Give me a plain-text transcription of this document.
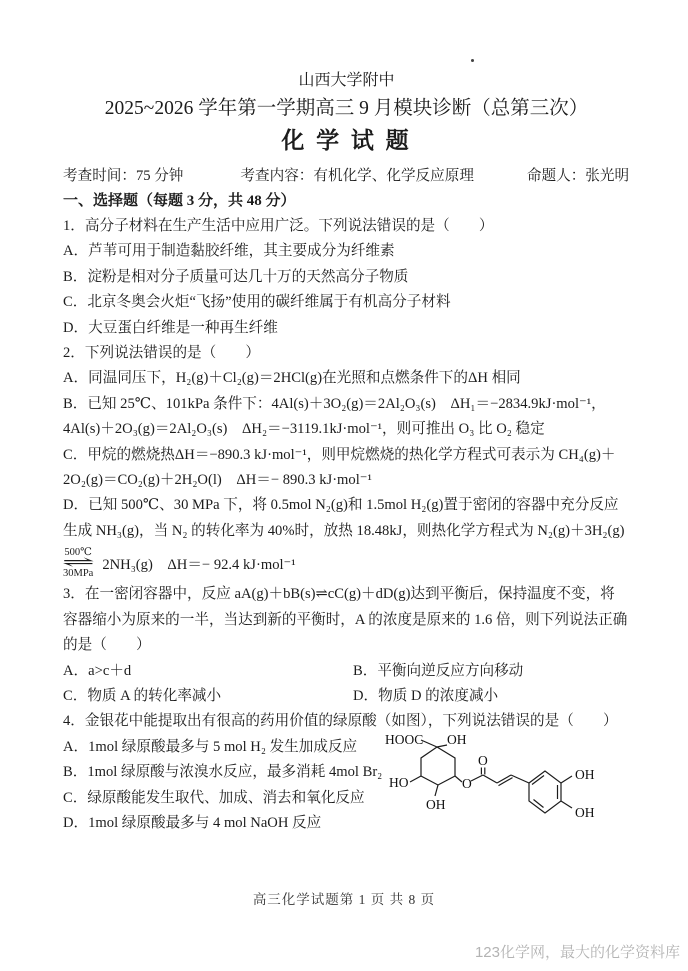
山西大学附中
2025~2026 学年第一学期高三 9 月模块诊断（总第三次）
化 学 试 题
考查时间：75 分钟	考查内容：有机化学、化学反应原理	命题人：张光明
一、选择题（每题 3 分，共 48 分）
1．高分子材料在生产生活中应用广泛。下列说法错误的是（　　）
A．芦苇可用于制造黏胶纤维，其主要成分为纤维素
B．淀粉是相对分子质量可达几十万的天然高分子物质
C．北京冬奥会火炬“飞扬”使用的碳纤维属于有机高分子材料
D．大豆蛋白纤维是一种再生纤维
2．下列说法错误的是（　　）
A．同温同压下，H₂(g)＋Cl₂(g)＝2HCl(g)在光照和点燃条件下的ΔH 相同
B．已知 25℃、101kPa 条件下：4Al(s)＋3O₂(g)＝2Al₂O₃(s)　ΔH₁＝−2834.9kJ·mol⁻¹，
4Al(s)＋2O₃(g)＝2Al₂O₃(s)　ΔH₂＝−3119.1kJ·mol⁻¹，则可推出 O₃ 比 O₂ 稳定
C．甲烷的燃烧热ΔH＝−890.3 kJ·mol⁻¹，则甲烷燃烧的热化学方程式可表示为 CH₄(g)＋
2O₂(g)＝CO₂(g)＋2H₂O(l)　ΔH＝− 890.3 kJ·mol⁻¹
D．已知 500℃、30 MPa 下，将 0.5mol N₂(g)和 1.5mol H₂(g)置于密闭的容器中充分反应
生成 NH₃(g)，当 N₂ 的转化率为 40%时，放热 18.48kJ，则热化学方程式为 N₂(g)＋3H₂(g)
500℃
⇌
30MPa
2NH₃(g)　ΔH＝− 92.4 kJ·mol⁻¹
3．在一密闭容器中，反应 aA(g)＋bB(s)⇌cC(g)＋dD(g)达到平衡后，保持温度不变，将
容器缩小为原来的一半，当达到新的平衡时，A 的浓度是原来的 1.6 倍，则下列说法正确
的是（　　）
A．a>c＋d	B．平衡向逆反应方向移动
C．物质 A 的转化率减小	D．物质 D 的浓度减小
4．金银花中能提取出有很高的药用价值的绿原酸（如图），下列说法错误的是（　　）
A．1mol 绿原酸最多与 5 mol H₂ 发生加成反应
B．1mol 绿原酸与浓溴水反应，最多消耗 4mol Br₂
C．绿原酸能发生取代、加成、消去和氧化反应
D．1mol 绿原酸最多与 4 mol NaOH 反应
HOOC OH
HO
OH
O
O
OH
OH
高三化学试题第 1 页 共 8 页
123化学网，最大的化学资料库
